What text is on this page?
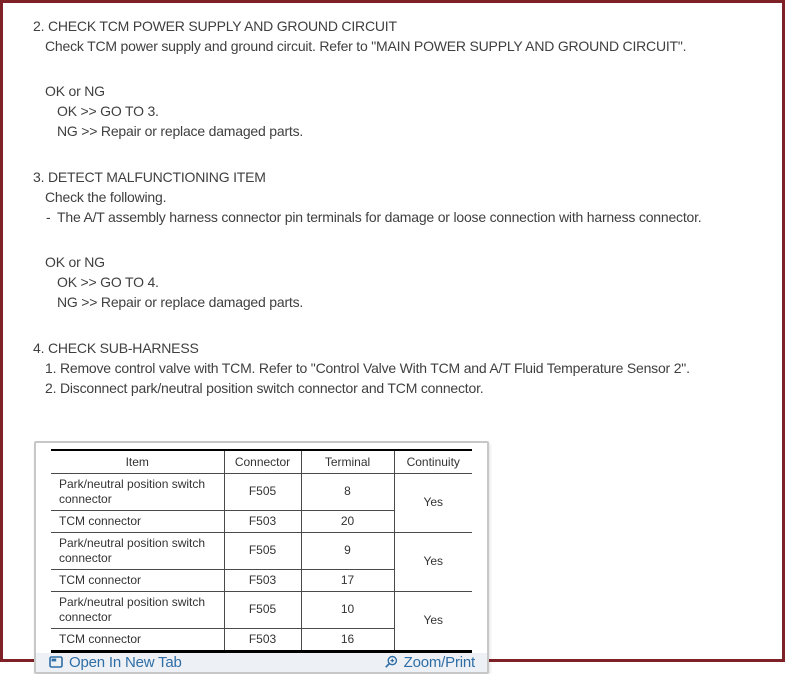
2. CHECK TCM POWER SUPPLY AND GROUND CIRCUIT
Check TCM power supply and ground circuit. Refer to "MAIN POWER SUPPLY AND GROUND CIRCUIT".
OK or NG
OK >> GO TO 3.
NG >> Repair or replace damaged parts.
3. DETECT MALFUNCTIONING ITEM
Check the following.
- The A/T assembly harness connector pin terminals for damage or loose connection with harness connector.
OK or NG
OK >> GO TO 4.
NG >> Repair or replace damaged parts.
4. CHECK SUB-HARNESS
1. Remove control valve with TCM. Refer to "Control Valve With TCM and A/T Fluid Temperature Sensor 2".
2. Disconnect park/neutral position switch connector and TCM connector.
Item	Connector	Terminal	Continuity
Park/neutral position switch connector	F505	8	Yes
TCM connector	F503	20	
Park/neutral position switch connector	F505	9	Yes
TCM connector	F503	17	
Park/neutral position switch connector	F505	10	Yes
TCM connector	F503	16	
Open In New Tab	Zoom/Print
